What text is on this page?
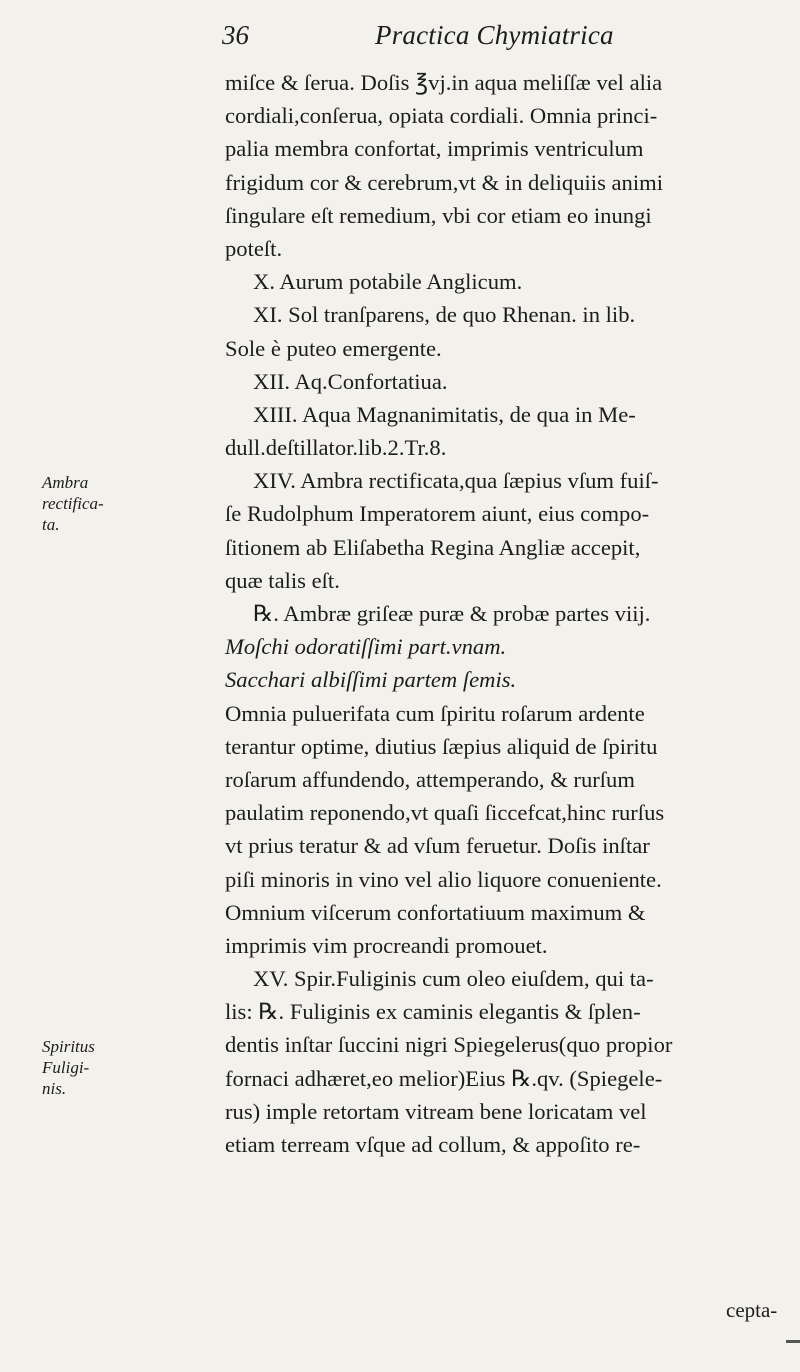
36	Practica Chymiatrica
miſce & ſerua. Doſis ℥vj.in aqua meliſſæ vel alia
cordiali,conſerua, opiata cordiali. Omnia princi-
palia membra confortat, imprimis ventriculum
frigidum cor & cerebrum,vt & in deliquiis animi
ſingulare eſt remedium, vbi cor etiam eo inungi
poteſt.
X. Aurum potabile Anglicum.
XI. Sol tranſparens, de quo Rhenan. in lib.
Sole è puteo emergente.
XII. Aq.Confortatiua.
XIII. Aqua Magnanimitatis, de qua in Me-
dull.deſtillator.lib.2.Tr.8.
XIV. Ambra rectificata,qua ſæpius vſum fuiſ-
ſe Rudolphum Imperatorem aiunt, eius compo-
ſitionem ab Eliſabetha Regina Angliæ accepit,
quæ talis eſt.
℞. Ambræ griſeæ puræ & probæ partes viij.
Moſchi odoratiſſimi part.vnam.
Sacchari albiſſimi partem ſemis.
Omnia puluerifata cum ſpiritu roſarum ardente
terantur optime, diutius ſæpius aliquid de ſpiritu
roſarum affundendo, attemperando, & rurſum
paulatim reponendo,vt quaſi ſiccefcat,hinc rurſus
vt prius teratur & ad vſum feruetur. Doſis inſtar
piſi minoris in vino vel alio liquore conueniente.
Omnium viſcerum confortatiuum maximum &
imprimis vim procreandi promouet.
XV. Spir.Fuliginis cum oleo eiuſdem, qui ta-
lis: ℞. Fuliginis ex caminis elegantis & ſplen-
dentis inſtar ſuccini nigri Spiegelerus(quo propior
fornaci adhæret,eo melior)Eius ℞.qv. (Spiegele-
rus) imple retortam vitream bene loricatam vel
etiam terream vſque ad collum, & appoſito re-
Ambra
rectifica-
ta.
Spiritus
Fuligi-
nis.
cepta-
